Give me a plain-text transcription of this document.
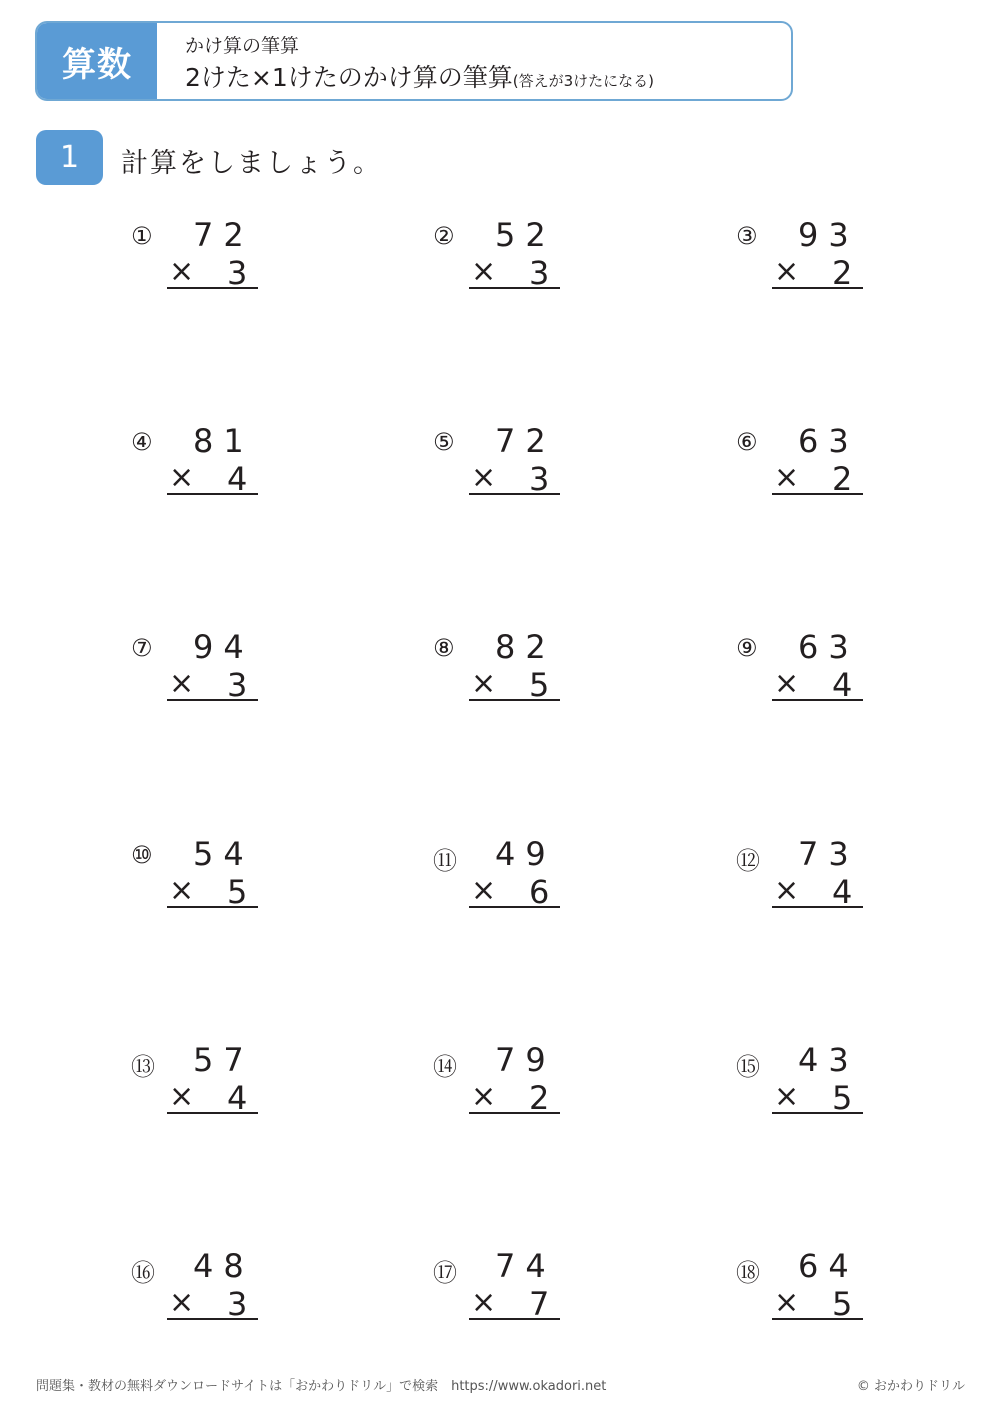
算数	かけ算の筆算
2けた×1けたのかけ算の筆算(答えが3けたになる)
1	計算をしましょう。
① 72
× 3
② 52
× 3
③ 93
× 2
④ 81
× 4
⑤ 72
× 3
⑥ 63
× 2
⑦ 94
× 3
⑧ 82
× 5
⑨ 63
× 4
⑩ 54
× 5
⑪ 49
× 6
⑫ 73
× 4
⑬ 57
× 4
⑭ 79
× 2
⑮ 43
× 5
⑯ 48
× 3
⑰ 74
× 7
⑱ 64
× 5
問題集・教材の無料ダウンロードサイトは「おかわりドリル」で検索　https://www.okadori.net	© おかわりドリル
